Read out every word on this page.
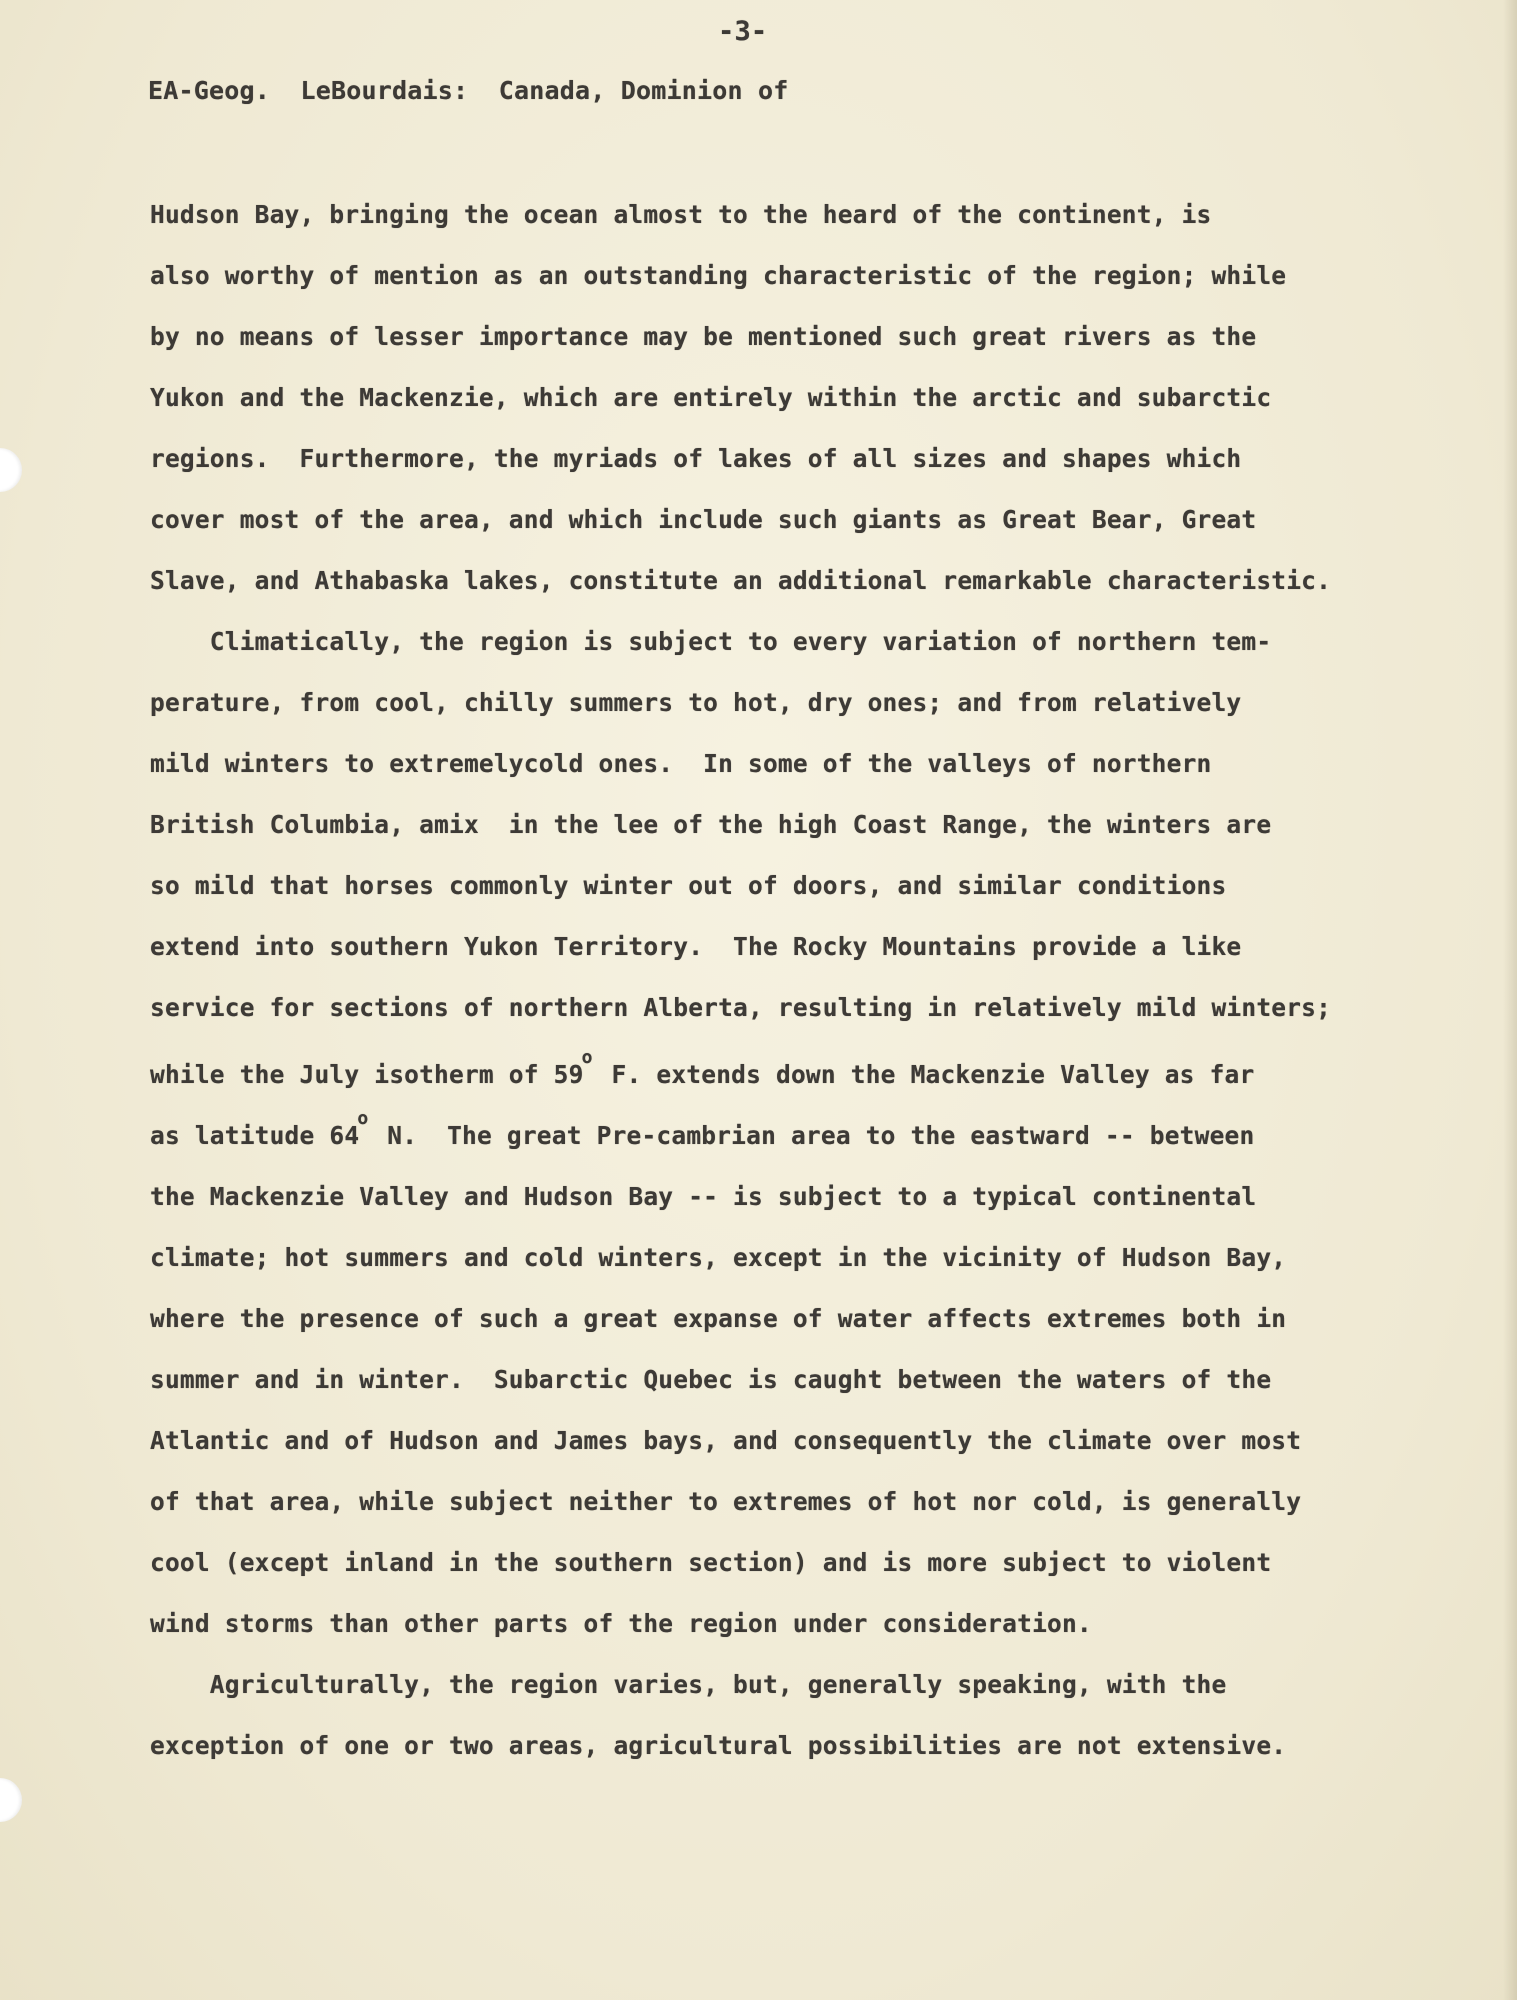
-3-
EA-Geog.  LeBourdais:  Canada, Dominion of
Hudson Bay, bringing the ocean almost to the heard of the continent, is
also worthy of mention as an outstanding characteristic of the region; while
by no means of lesser importance may be mentioned such great rivers as the
Yukon and the Mackenzie, which are entirely within the arctic and subarctic
regions.  Furthermore, the myriads of lakes of all sizes and shapes which
cover most of the area, and which include such giants as Great Bear, Great
Slave, and Athabaska lakes, constitute an additional remarkable characteristic.
Climatically, the region is subject to every variation of northern tem-
perature, from cool, chilly summers to hot, dry ones; and from relatively
mild winters to extremelycold ones.  In some of the valleys of northern
British Columbia, amix  in the lee of the high Coast Range, the winters are
so mild that horses commonly winter out of doors, and similar conditions
extend into southern Yukon Territory.  The Rocky Mountains provide a like
service for sections of northern Alberta, resulting in relatively mild winters;
while the July isotherm of 59$^o$ F. extends down the Mackenzie Valley as far
as latitude 64$^o$ N.  The great Pre-cambrian area to the eastward -- between
the Mackenzie Valley and Hudson Bay -- is subject to a typical continental
climate; hot summers and cold winters, except in the vicinity of Hudson Bay,
where the presence of such a great expanse of water affects extremes both in
summer and in winter.  Subarctic Quebec is caught between the waters of the
Atlantic and of Hudson and James bays, and consequently the climate over most
of that area, while subject neither to extremes of hot nor cold, is generally
cool (except inland in the southern section) and is more subject to violent
wind storms than other parts of the region under consideration.
Agriculturally, the region varies, but, generally speaking, with the
exception of one or two areas, agricultural possibilities are not extensive.
